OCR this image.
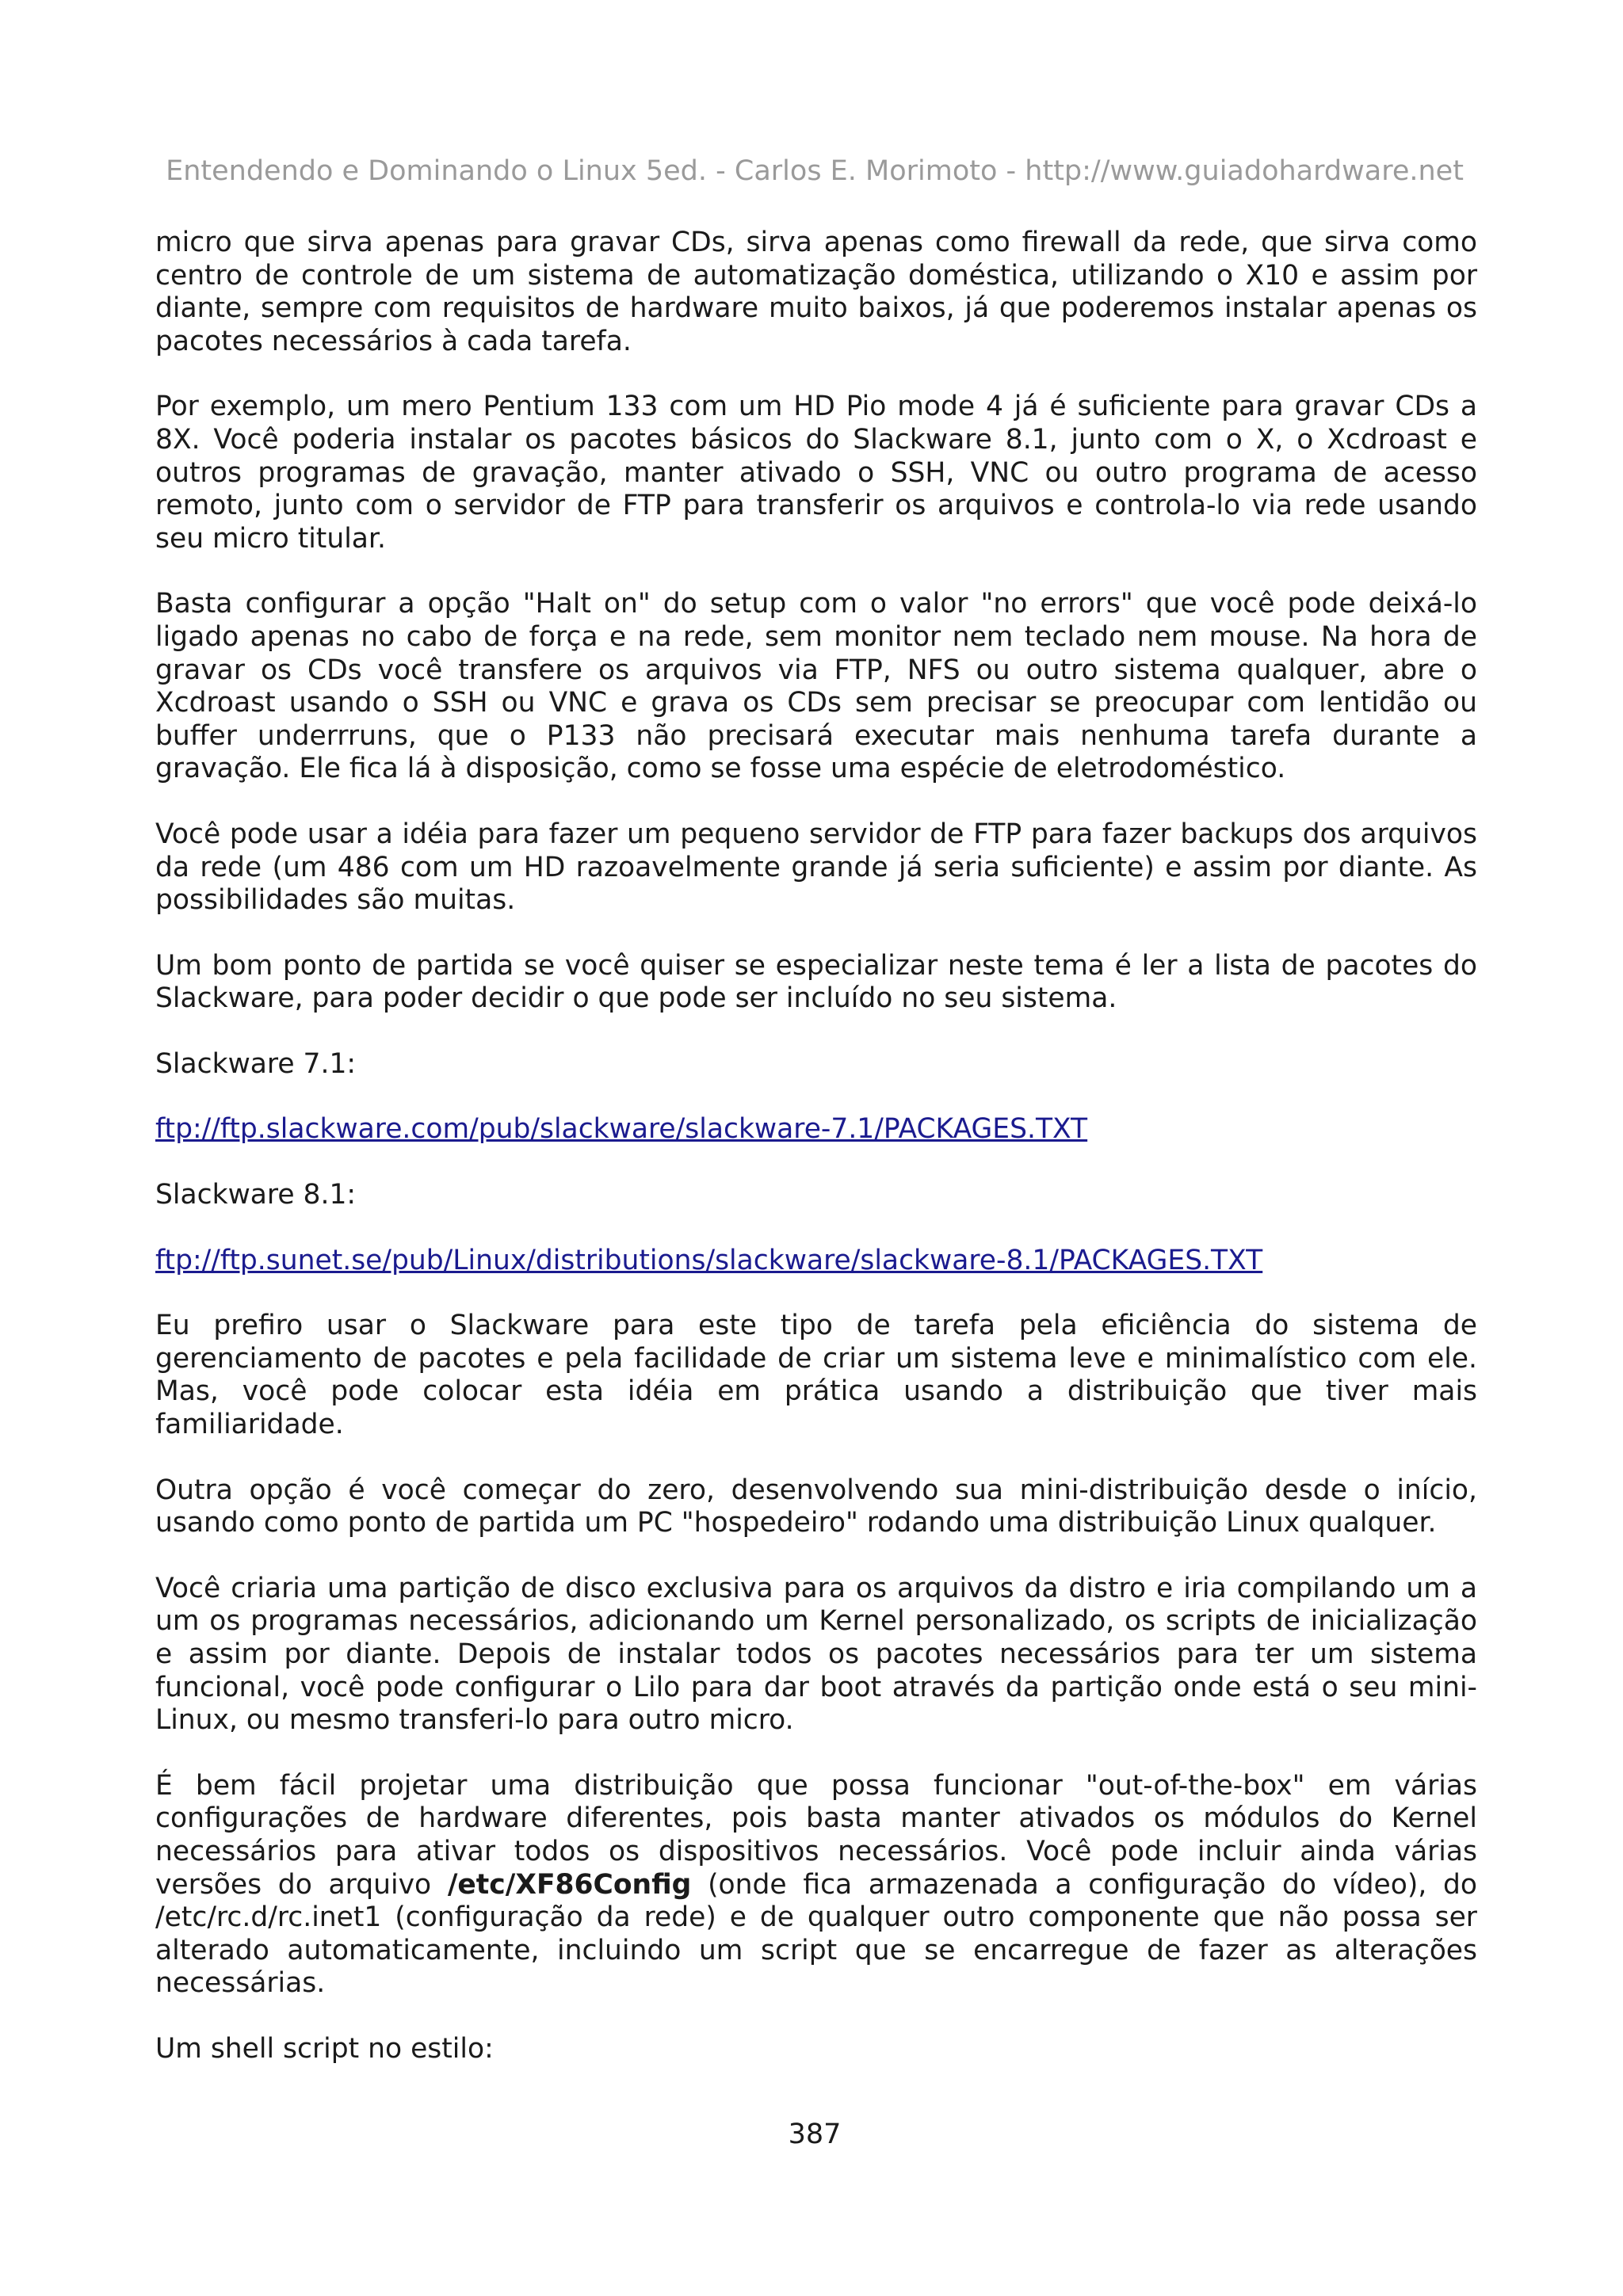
Entendendo e Dominando o Linux 5ed. - Carlos E. Morimoto - http://www.guiadohardware.net

micro que sirva apenas para gravar CDs, sirva apenas como firewall da rede, que sirva como centro de controle de um sistema de automatização doméstica, utilizando o X10 e assim por diante, sempre com requisitos de hardware muito baixos, já que poderemos instalar apenas os pacotes necessários à cada tarefa.

Por exemplo, um mero Pentium 133 com um HD Pio mode 4 já é suficiente para gravar CDs a 8X. Você poderia instalar os pacotes básicos do Slackware 8.1, junto com o X, o Xcdroast e outros programas de gravação, manter ativado o SSH, VNC ou outro programa de acesso remoto, junto com o servidor de FTP para transferir os arquivos e controla-lo via rede usando seu micro titular.

Basta configurar a opção "Halt on" do setup com o valor "no errors" que você pode deixá-lo ligado apenas no cabo de força e na rede, sem monitor nem teclado nem mouse. Na hora de gravar os CDs você transfere os arquivos via FTP, NFS ou outro sistema qualquer, abre o Xcdroast usando o SSH ou VNC e grava os CDs sem precisar se preocupar com lentidão ou buffer underrruns, que o P133 não precisará executar mais nenhuma tarefa durante a gravação. Ele fica lá à disposição, como se fosse uma espécie de eletrodoméstico.

Você pode usar a idéia para fazer um pequeno servidor de FTP para fazer backups dos arquivos da rede (um 486 com um HD razoavelmente grande já seria suficiente) e assim por diante. As possibilidades são muitas.

Um bom ponto de partida se você quiser se especializar neste tema é ler a lista de pacotes do Slackware, para poder decidir o que pode ser incluído no seu sistema.

Slackware 7.1:

ftp://ftp.slackware.com/pub/slackware/slackware-7.1/PACKAGES.TXT

Slackware 8.1:

ftp://ftp.sunet.se/pub/Linux/distributions/slackware/slackware-8.1/PACKAGES.TXT

Eu prefiro usar o Slackware para este tipo de tarefa pela eficiência do sistema de gerenciamento de pacotes e pela facilidade de criar um sistema leve e minimalístico com ele. Mas, você pode colocar esta idéia em prática usando a distribuição que tiver mais familiaridade.

Outra opção é você começar do zero, desenvolvendo sua mini-distribuição desde o início, usando como ponto de partida um PC "hospedeiro" rodando uma distribuição Linux qualquer.

Você criaria uma partição de disco exclusiva para os arquivos da distro e iria compilando um a um os programas necessários, adicionando um Kernel personalizado, os scripts de inicialização e assim por diante. Depois de instalar todos os pacotes necessários para ter um sistema funcional, você pode configurar o Lilo para dar boot através da partição onde está o seu mini-Linux, ou mesmo transferi-lo para outro micro.

É bem fácil projetar uma distribuição que possa funcionar "out-of-the-box" em várias configurações de hardware diferentes, pois basta manter ativados os módulos do Kernel necessários para ativar todos os dispositivos necessários. Você pode incluir ainda várias versões do arquivo /etc/XF86Config (onde fica armazenada a configuração do vídeo), do /etc/rc.d/rc.inet1 (configuração da rede) e de qualquer outro componente que não possa ser alterado automaticamente, incluindo um script que se encarregue de fazer as alterações necessárias.

Um shell script no estilo:

387
